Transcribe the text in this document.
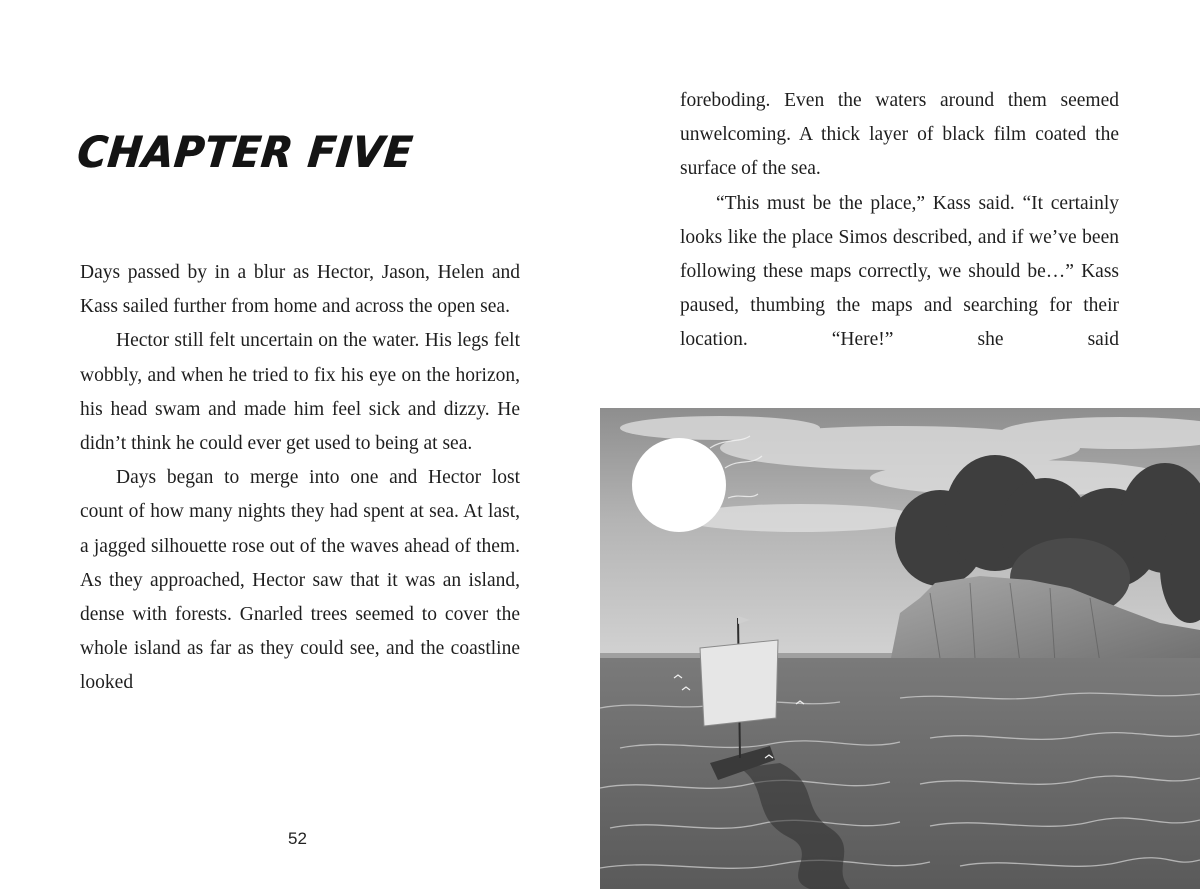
CHAPTER FIVE

Days passed by in a blur as Hector, Jason, Helen and Kass sailed further from home and across the open sea.

Hector still felt uncertain on the water. His legs felt wobbly, and when he tried to fix his eye on the horizon, his head swam and made him feel sick and dizzy. He didn’t think he could ever get used to being at sea.

Days began to merge into one and Hector lost count of how many nights they had spent at sea. At last, a jagged silhouette rose out of the waves ahead of them. As they approached, Hector saw that it was an island, dense with forests. Gnarled trees seemed to cover the whole island as far as they could see, and the coastline looked

52

foreboding. Even the waters around them seemed unwelcoming. A thick layer of black film coated the surface of the sea.

“This must be the place,” Kass said. “It certainly looks like the place Simos described, and if we’ve been following these maps correctly, we should be…” Kass paused, thumbing the maps and searching for their location. “Here!” she said
